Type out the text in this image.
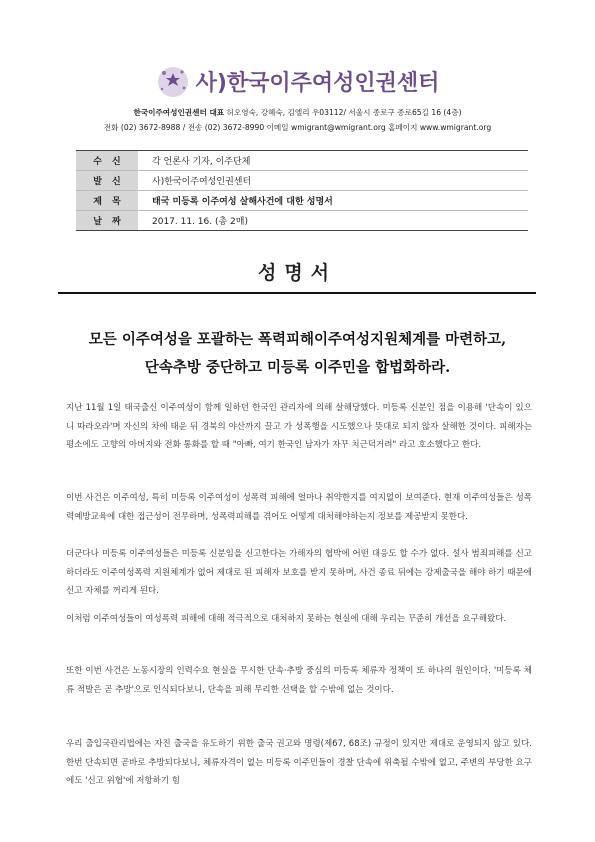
사)한국이주여성인권센터
한국이주여성인권센터 대표 허오영숙, 강혜숙, 김엘리 우03112/ 서울시 종로구 종로65길 16 (4층)
전화 (02) 3672-8988 / 전송 (02) 3672-8990 이메일 wmigrant@wmigrant.org 홈페이지 www.wmigrant.org
수신	각 언론사 기자, 이주단체
발신	사)한국이주여성인권센터
제목	태국 미등록 이주여성 살해사건에 대한 성명서
날짜	2017. 11. 16. (총 2매)
성명서
모든 이주여성을 포괄하는 폭력피해이주여성지원체계를 마련하고,
단속추방 중단하고 미등록 이주민을 합법화하라.
지난 11월 1일 태국출신 이주여성이 함께 일하던 한국인 관리자에 의해 살해당했다. 미등록 신분인 점을 이용해 '단속이 있으니 따라오라'며 자신의 차에 태운 뒤 경북의 야산까지 끌고 가 성폭행을 시도했으나 뜻대로 되지 않자 살해한 것이다. 피해자는 평소에도 고향의 아버지와 전화 통화를 할 때 "아빠, 여기 한국인 남자가 자꾸 치근덕거려" 라고 호소했다고 한다.
이번 사건은 이주여성, 특히 미등록 이주여성이 성폭력 피해에 얼마나 취약한지를 여지없이 보여준다. 현재 이주여성들은 성폭력예방교육에 대한 접근성이 전무하며, 성폭력피해를 겪어도 어떻게 대처해야하는지 정보를 제공받지 못한다.
더군다나 미등록 이주여성들은 미등록 신분임을 신고한다는 가해자의 협박에 어떤 대응도 할 수가 없다. 설사 범죄피해를 신고하더라도 이주여성폭력 지원체계가 없어 제대로 된 피해자 보호를 받지 못하며, 사건 종료 뒤에는 강제출국을 해야 하기 때문에 신고 자체를 꺼리게 된다.
이처럼 이주여성들이 여성폭력 피해에 대해 적극적으로 대처하지 못하는 현실에 대해 우리는 꾸준히 개선을 요구해왔다.
또한 이번 사건은 노동시장의 인력수요 현실을 무시한 단속·추방 중심의 미등록 체류자 정책이 또 하나의 원인이다. '미등록 체류 적발은 곧 추방'으로 인식되다보니, 단속을 피해 무리한 선택을 할 수밖에 없는 것이다.
우리 출입국관리법에는 자진 출국을 유도하기 위한 출국 권고와 명령(제67, 68조) 규정이 있지만 제대로 운영되지 않고 있다. 한번 단속되면 곧바로 추방되다보니, 체류자격이 없는 미등록 이주민들이 경찰 단속에 위축될 수밖에 없고, 주변의 부당한 요구에도 '신고 위협'에 저항하기 힘
